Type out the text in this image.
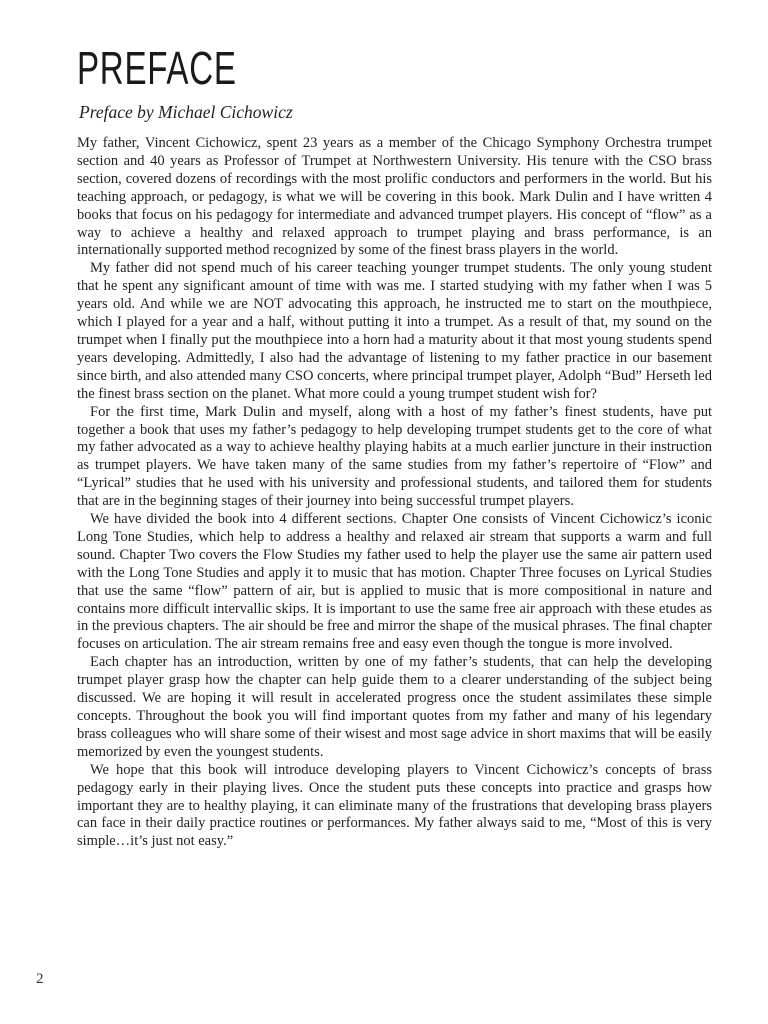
PREFACE

Preface by Michael Cichowicz

My father, Vincent Cichowicz, spent 23 years as a member of the Chicago Symphony Orchestra trumpet section and 40 years as Professor of Trumpet at Northwestern University. His tenure with the CSO brass section, covered dozens of recordings with the most prolific conductors and performers in the world. But his teaching approach, or pedagogy, is what we will be covering in this book. Mark Dulin and I have written 4 books that focus on his pedagogy for intermediate and advanced trumpet players. His concept of “flow” as a way to achieve a healthy and relaxed approach to trumpet playing and brass performance, is an internationally supported method recognized by some of the finest brass players in the world.

My father did not spend much of his career teaching younger trumpet students. The only young student that he spent any significant amount of time with was me. I started studying with my father when I was 5 years old. And while we are NOT advocating this approach, he instructed me to start on the mouthpiece, which I played for a year and a half, without putting it into a trumpet. As a result of that, my sound on the trumpet when I finally put the mouthpiece into a horn had a maturity about it that most young students spend years developing. Admittedly, I also had the advantage of listening to my father practice in our basement since birth, and also attended many CSO concerts, where principal trumpet player, Adolph “Bud” Herseth led the finest brass section on the planet. What more could a young trumpet student wish for?

For the first time, Mark Dulin and myself, along with a host of my father’s finest students, have put together a book that uses my father’s pedagogy to help developing trumpet students get to the core of what my father advocated as a way to achieve healthy playing habits at a much earlier juncture in their instruction as trumpet players. We have taken many of the same studies from my father’s repertoire of “Flow” and “Lyrical” studies that he used with his university and professional students, and tailored them for students that are in the beginning stages of their journey into being successful trumpet players.

We have divided the book into 4 different sections. Chapter One consists of Vincent Cichowicz’s iconic Long Tone Studies, which help to address a healthy and relaxed air stream that supports a warm and full sound. Chapter Two covers the Flow Studies my father used to help the player use the same air pattern used with the Long Tone Studies and apply it to music that has motion. Chapter Three focuses on Lyrical Studies that use the same “flow” pattern of air, but is applied to music that is more compositional in nature and contains more difficult intervallic skips. It is important to use the same free air approach with these etudes as in the previous chapters. The air should be free and mirror the shape of the musical phrases. The final chapter focuses on articulation. The air stream remains free and easy even though the tongue is more involved.

Each chapter has an introduction, written by one of my father’s students, that can help the developing trumpet player grasp how the chapter can help guide them to a clearer understanding of the subject being discussed. We are hoping it will result in accelerated progress once the student assimilates these simple concepts. Throughout the book you will find important quotes from my father and many of his legendary brass colleagues who will share some of their wisest and most sage advice in short maxims that will be easily memorized by even the youngest students.

We hope that this book will introduce developing players to Vincent Cichowicz’s concepts of brass pedagogy early in their playing lives. Once the student puts these concepts into practice and grasps how important they are to healthy playing, it can eliminate many of the frustrations that developing brass players can face in their daily practice routines or performances. My father always said to me, “Most of this is very simple…it’s just not easy.”

2
